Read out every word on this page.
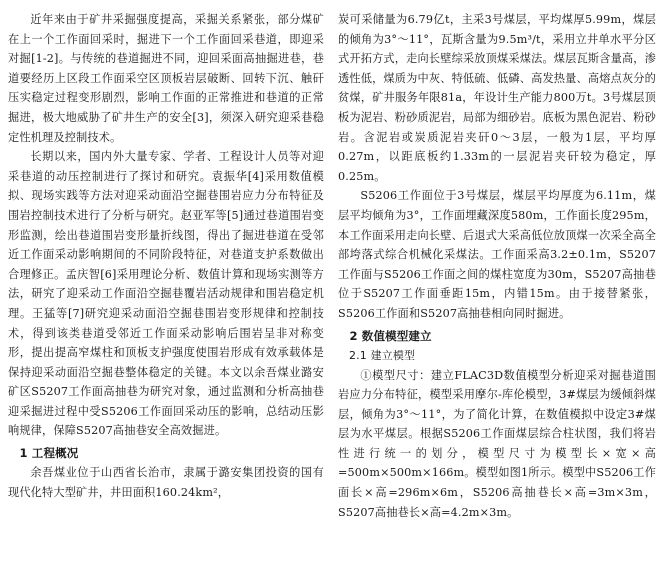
近年来由于矿井采掘强度提高，采掘关系紧张，部分煤矿在上一个工作面回采时，掘进下一个工作面回采巷道，即迎采对掘[1-2]。与传统的巷道掘进不同，迎回采面高抽掘进巷，巷道要经历上区段工作面采空区顶板岩层破断、回转下沉、触矸压实稳定过程变形剧烈，影响工作面的正常推进和巷道的正常掘进，极大地威胁了矿井生产的安全[3]，须深入研究迎采巷稳定性机理及控制技术。

长期以来，国内外大量专家、学者、工程设计人员等对迎采巷道的动压控制进行了探讨和研究。袁振华[4]采用数值模拟、现场实践等方法对迎采动面沿空掘巷围岩应力分布特征及围岩控制技术进行了分析与研究。赵亚军等[5]通过巷道围岩变形监测，绘出巷道围岩变形量折线图，得出了掘进巷道在受邻近工作面采动影响期间的不同阶段特征，对巷道支护系数做出合理修正。孟庆智[6]采用理论分析、数值计算和现场实测等方法，研究了迎采动工作面沿空掘巷覆岩活动规律和围岩稳定机理。王猛等[7]研究迎采动面沿空掘巷围岩变形规律和控制技术，得到该类巷道受邻近工作面采动影响后围岩呈非对称变形，提出提高窄煤柱和顶板支护强度使围岩形成有效承载体是保持迎采动面沿空掘巷整体稳定的关键。本文以余吾煤业潞安矿区S5207工作面高抽巷为研究对象，通过监测和分析高抽巷迎采掘进过程中受S5206工作面回采动压的影响，总结动压影响规律，保障S5207高抽巷安全高效掘进。

1 工程概况

余吾煤业位于山西省长治市，隶属于潞安集团投资的国有现代化特大型矿井，井田面积160.24km²，

炭可采储量为6.79亿t，主采3号煤层，平均煤厚5.99m，煤层的倾角为3°～11°，瓦斯含量为9.5m³/t，采用立井单水平分区式开拓方式，走向长壁综采放顶煤采煤法。煤层瓦斯含量高，渗透性低，煤质为中灰、特低硫、低磷、高发热量、高熔点灰分的贫煤，矿井服务年限81a，年设计生产能力800万t。3号煤层顶板为泥岩、粉砂质泥岩，局部为细砂岩。底板为黑色泥岩、粉砂岩。含泥岩或炭质泥岩夹矸0～3层，一般为1层，平均厚0.27m，以距底板约1.33m的一层泥岩夹矸较为稳定，厚0.25m。

S5206工作面位于3号煤层，煤层平均厚度为6.11m，煤层平均倾角为3°，工作面埋藏深度580m，工作面长度295m，本工作面采用走向长壁、后退式大采高低位放顶煤一次采全高全部垮落式综合机械化采煤法。工作面采高3.2±0.1m，S5207工作面与S5206工作面之间的煤柱宽度为30m，S5207高抽巷位于S5207工作面垂距15m，内错15m。由于接替紧张，S5206工作面和S5207高抽巷相向同时掘进。

2 数值模型建立
2.1 建立模型

①模型尺寸：建立FLAC3D数值模型分析迎采对掘巷道围岩应力分布特征，模型采用摩尔-库伦模型，3#煤层为缓倾斜煤层，倾角为3°～11°，为了简化计算，在数值模拟中设定3#煤层为水平煤层。根据S5206工作面煤层综合柱状图，我们将岩性进行统一的划分，模型尺寸为模型长×宽×高=500m×500m×166m。模型如图1所示。模型中S5206工作面长×高=296m×6m，S5206高抽巷长×高=3m×3m，S5207高抽巷长×高=4.2m×3m。
